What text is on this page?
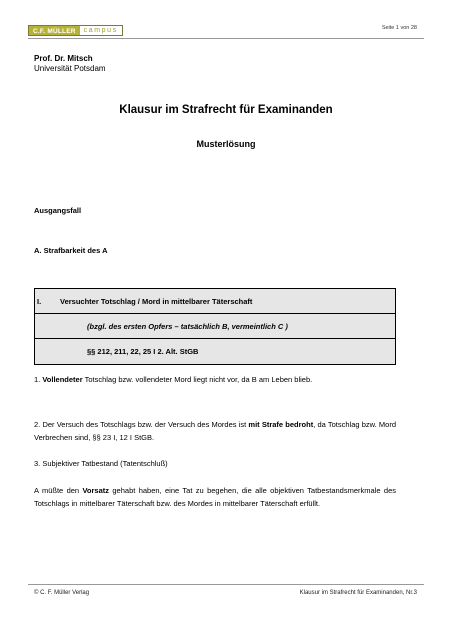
C.F. MÜLLER	campus	Seite 1 von 28
Prof. Dr. Mitsch
Universität Potsdam
Klausur im Strafrecht für Examinanden
Musterlösung
Ausgangsfall
A. Strafbarkeit des A
I.	Versuchter Totschlag / Mord in mittelbarer Täterschaft
(bzgl. des ersten Opfers – tatsächlich B, vermeintlich C )
§§ 212, 211, 22, 25 I 2. Alt. StGB
1. Vollendeter Totschlag bzw. vollendeter Mord liegt nicht vor, da B am Leben blieb.
2. Der Versuch des Totschlags bzw. der Versuch des Mordes ist mit Strafe bedroht, da Totschlag bzw. Mord Verbrechen sind, §§ 23 I, 12 I StGB.
3. Subjektiver Tatbestand (Tatentschluß)
A müßte den Vorsatz gehabt haben, eine Tat zu begehen, die alle objektiven Tatbestandsmerkmale des Totschlags in mittelbarer Täterschaft bzw. des Mordes in mittelbarer Täterschaft erfüllt.
© C. F. Müller Verlag	Klausur im Strafrecht für Examinanden, Nr.3
